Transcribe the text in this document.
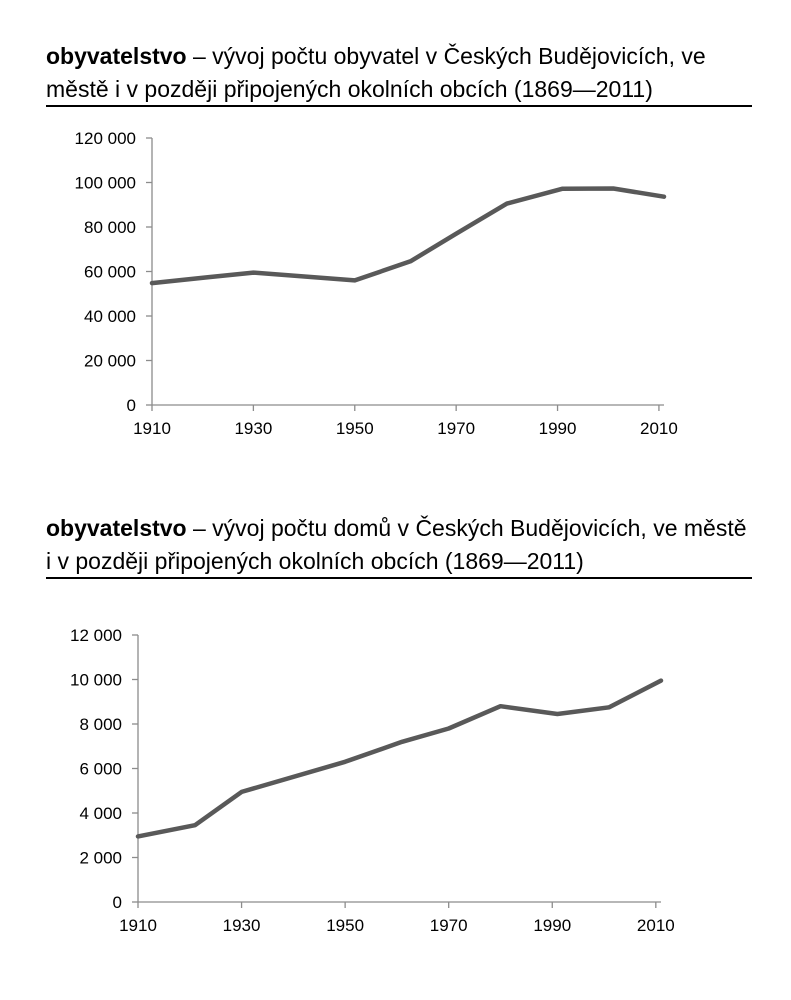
obyvatelstvo – vývoj počtu obyvatel v Českých Budějovicích, ve městě i v později připojených okolních obcích (1869—2011)
0
20 000
40 000
60 000
80 000
100 000
120 000
1910	1930	1950	1970	1990	2010
obyvatelstvo – vývoj počtu domů v Českých Budějovicích, ve městě i v později připojených okolních obcích (1869—2011)
0
2 000
4 000
6 000
8 000
10 000
12 000
1910	1930	1950	1970	1990	2010
